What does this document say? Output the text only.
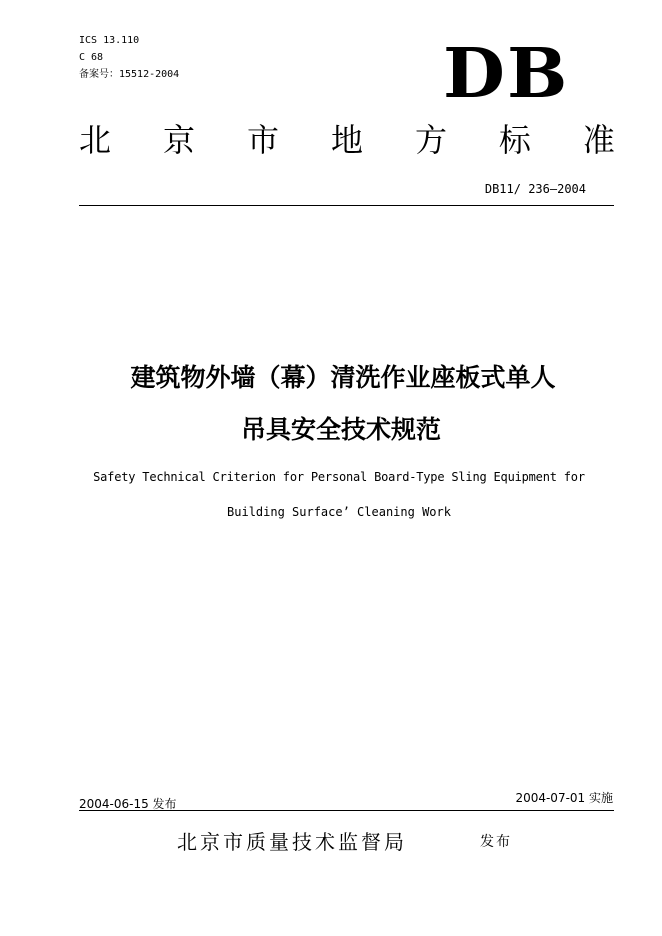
ICS 13.110
C 68
备案号：15512-2004	DB
北 京 市 地 方 标 准
DB11/ 236—2004
建筑物外墙（幕）清洗作业座板式单人
吊具安全技术规范
Safety Technical Criterion for Personal Board-Type Sling Equipment for
Building Surface’ Cleaning Work
2004-06-15 发布	2004-07-01 实施
北京市质量技术监督局	发布
